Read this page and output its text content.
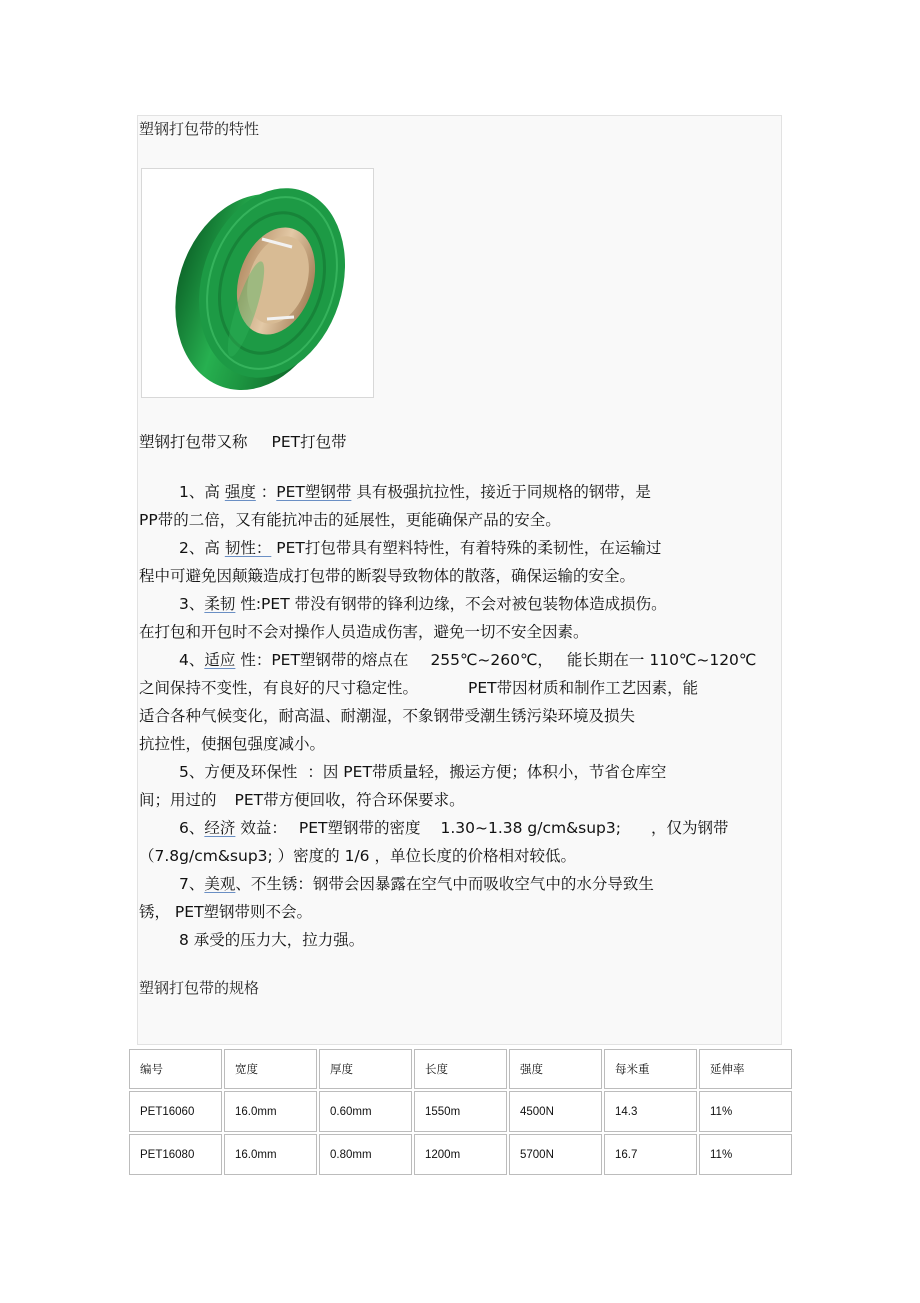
塑钢打包带的特性
塑钢打包带又称 PET打包带
1、高 强度 ：PET塑钢带 具有极强抗拉性，接近于同规格的钢带，是
PP带的二倍，又有能抗冲击的延展性，更能确保产品的安全。
2、高 韧性： PET打包带具有塑料特性，有着特殊的柔韧性，在运输过
程中可避免因颠簸造成打包带的断裂导致物体的散落，确保运输的安全。
3、柔韧 性:PET 带没有钢带的锋利边缘，不会对被包装物体造成损伤。
在打包和开包时不会对操作人员造成伤害，避免一切不安全因素。
4、适应 性：PET塑钢带的熔点在 255℃~260℃， 能长期在一 110℃~120℃
之间保持不变性，有良好的尺寸稳定性。	PET带因材质和制作工艺因素，能
适合各种气候变化，耐高温、耐潮湿，不象钢带受潮生锈污染环境及损失
抗拉性，使捆包强度减小。
5、方便及环保性 ：因 PET带质量轻，搬运方便；体积小，节省仓库空
间；用过的 PET带方便回收，符合环保要求。
6、经济 效益： PET塑钢带的密度 1.30~1.38 g/cm&sup3; ，仅为钢带
（7.8g/cm&sup3; ）密度的 1/6 ，单位长度的价格相对较低。
7、美观、不生锈：钢带会因暴露在空气中而吸收空气中的水分导致生
锈， PET塑钢带则不会。
8 承受的压力大，拉力强。
塑钢打包带的规格
编号	宽度	厚度	长度	强度	每米重	延伸率
PET16060	16.0mm	0.60mm	1550m	4500N	14.3	11%
PET16080	16.0mm	0.80mm	1200m	5700N	16.7	11%
